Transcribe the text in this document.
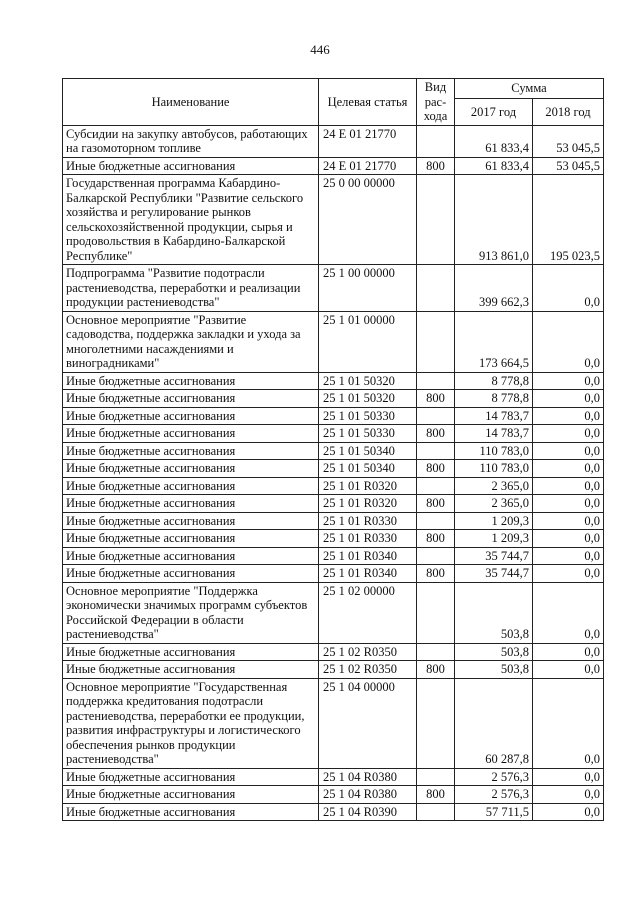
446
Наименование	Целевая статья	Вид рас-хода	Сумма	
			2017 год	2018 год
Субсидии на закупку автобусов, работающих на газомоторном топливе	24 Е 01 21770		61 833,4	53 045,5
Иные бюджетные ассигнования	24 Е 01 21770	800	61 833,4	53 045,5
Государственная программа Кабардино-Балкарской Республики "Развитие сельского хозяйства и регулирование рынков сельскохозяйственной продукции, сырья и продовольствия в Кабардино-Балкарской Республике"	25 0 00 00000		913 861,0	195 023,5
Подпрограмма "Развитие подотрасли растениеводства, переработки и реализации продукции растениеводства"	25 1 00 00000		399 662,3	0,0
Основное мероприятие "Развитие садоводства, поддержка закладки и ухода за многолетними насаждениями и виноградниками"	25 1 01 00000		173 664,5	0,0
Иные бюджетные ассигнования	25 1 01 50320		8 778,8	0,0
Иные бюджетные ассигнования	25 1 01 50320	800	8 778,8	0,0
Иные бюджетные ассигнования	25 1 01 50330		14 783,7	0,0
Иные бюджетные ассигнования	25 1 01 50330	800	14 783,7	0,0
Иные бюджетные ассигнования	25 1 01 50340		110 783,0	0,0
Иные бюджетные ассигнования	25 1 01 50340	800	110 783,0	0,0
Иные бюджетные ассигнования	25 1 01 R0320		2 365,0	0,0
Иные бюджетные ассигнования	25 1 01 R0320	800	2 365,0	0,0
Иные бюджетные ассигнования	25 1 01 R0330		1 209,3	0,0
Иные бюджетные ассигнования	25 1 01 R0330	800	1 209,3	0,0
Иные бюджетные ассигнования	25 1 01 R0340		35 744,7	0,0
Иные бюджетные ассигнования	25 1 01 R0340	800	35 744,7	0,0
Основное мероприятие "Поддержка экономически значимых программ субъектов Российской Федерации в области растениеводства"	25 1 02 00000		503,8	0,0
Иные бюджетные ассигнования	25 1 02 R0350		503,8	0,0
Иные бюджетные ассигнования	25 1 02 R0350	800	503,8	0,0
Основное мероприятие "Государственная поддержка кредитования подотрасли растениеводства, переработки ее продукции, развития инфраструктуры и логистического обеспечения рынков продукции растениеводства"	25 1 04 00000		60 287,8	0,0
Иные бюджетные ассигнования	25 1 04 R0380		2 576,3	0,0
Иные бюджетные ассигнования	25 1 04 R0380	800	2 576,3	0,0
Иные бюджетные ассигнования	25 1 04 R0390		57 711,5	0,0
